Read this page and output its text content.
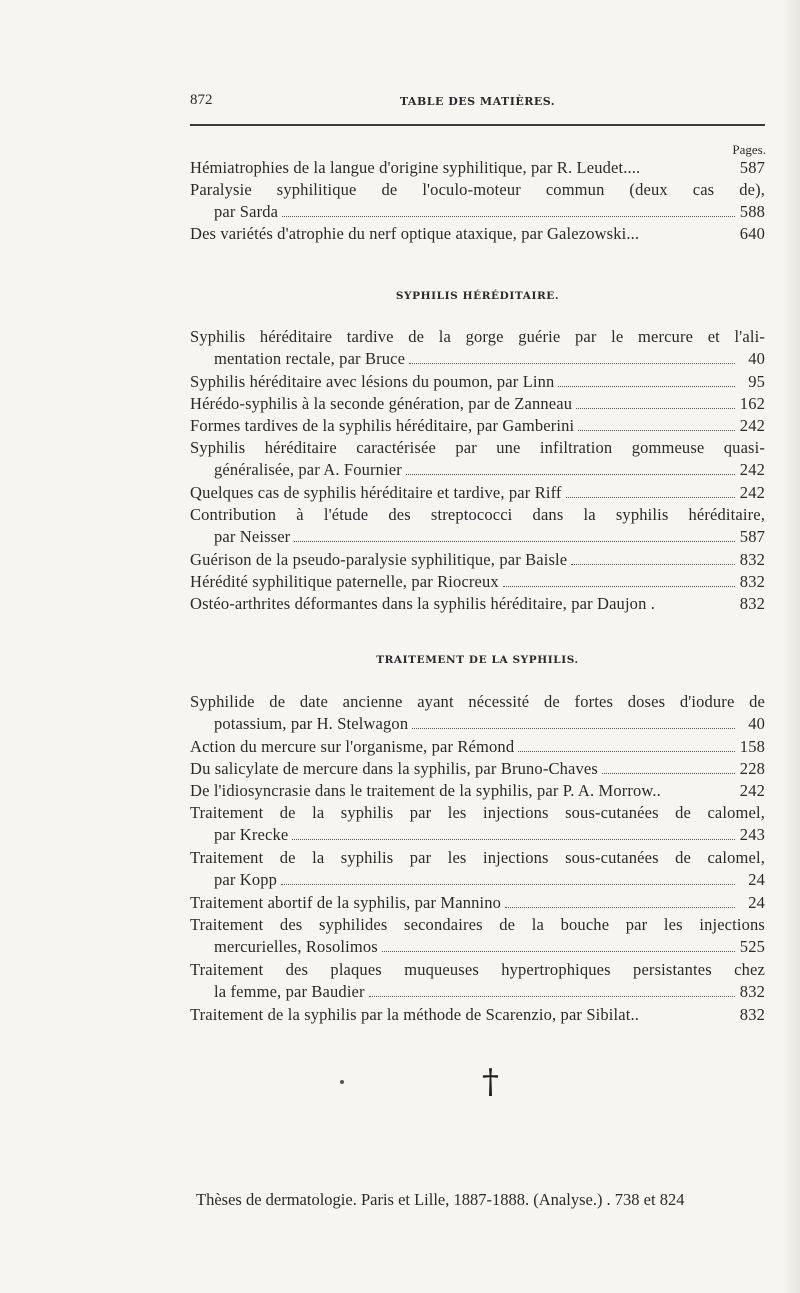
872	TABLE DES MATIÈRES.
Pages.
Hémiatrophies de la langue d'origine syphilitique, par R. Leudet....	587
Paralysie syphilitique de l'oculo-moteur commun (deux cas de),
par Sarda	588
Des variétés d'atrophie du nerf optique ataxique, par Galezowski...	640
SYPHILIS HÉRÉDITAIRE.
Syphilis héréditaire tardive de la gorge guérie par le mercure et l'ali-
mentation rectale, par Bruce	40
Syphilis héréditaire avec lésions du poumon, par Linn	95
Hérédo-syphilis à la seconde génération, par de Zanneau	162
Formes tardives de la syphilis héréditaire, par Gamberini	242
Syphilis héréditaire caractérisée par une infiltration gommeuse quasi-
généralisée, par A. Fournier	242
Quelques cas de syphilis héréditaire et tardive, par Riff	242
Contribution à l'étude des streptococci dans la syphilis héréditaire,
par Neisser	587
Guérison de la pseudo-paralysie syphilitique, par Baisle	832
Hérédité syphilitique paternelle, par Riocreux	832
Ostéo-arthrites déformantes dans la syphilis héréditaire, par Daujon .	832
TRAITEMENT DE LA SYPHILIS.
Syphilide de date ancienne ayant nécessité de fortes doses d'iodure de
potassium, par H. Stelwagon	40
Action du mercure sur l'organisme, par Rémond	158
Du salicylate de mercure dans la syphilis, par Bruno-Chaves	228
De l'idiosyncrasie dans le traitement de la syphilis, par P. A. Morrow..	242
Traitement de la syphilis par les injections sous-cutanées de calomel,
par Krecke	243
Traitement de la syphilis par les injections sous-cutanées de calomel,
par Kopp	24
Traitement abortif de la syphilis, par Mannino	24
Traitement des syphilides secondaires de la bouche par les injections
mercurielles, Rosolimos	525
Traitement des plaques muqueuses hypertrophiques persistantes chez
la femme, par Baudier	832
Traitement de la syphilis par la méthode de Scarenzio, par Sibilat..	832
†
Thèses de dermatologie. Paris et Lille, 1887-1888. (Analyse.) . 738 et 824
